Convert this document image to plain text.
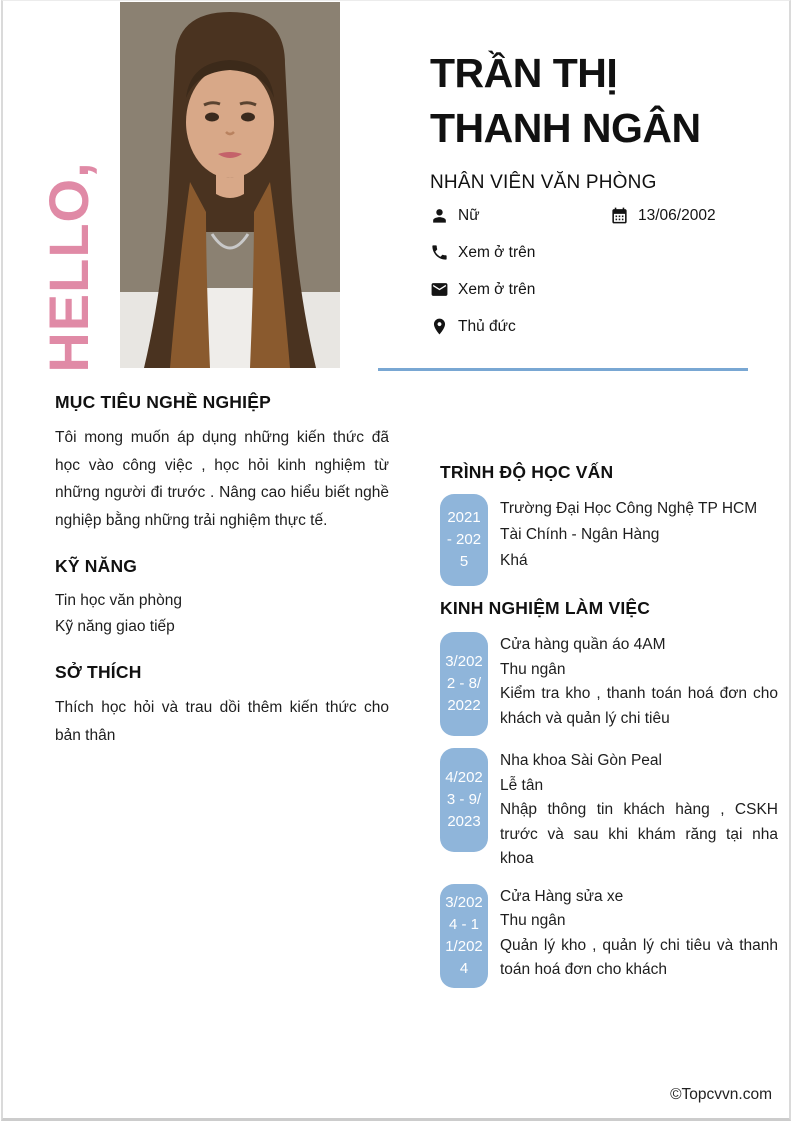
HELLO,
TRẦN THỊ
THANH NGÂN
NHÂN VIÊN VĂN PHÒNG
Nữ	13/06/2002
Xem ở trên
Xem ở trên
Thủ đức
MỤC TIÊU NGHỀ NGHIỆP
Tôi mong muốn áp dụng những kiến thức đã học vào công việc , học hỏi kinh nghiệm từ những người đi trước . Nâng cao hiểu biết nghề nghiệp bằng những trải nghiệm thực tế.
KỸ NĂNG
Tin học văn phòng
Kỹ năng giao tiếp
SỞ THÍCH
Thích học hỏi và trau dồi thêm kiến thức cho bản thân
TRÌNH ĐỘ HỌC VẤN
2021 - 2025
Trường Đại Học Công Nghệ TP HCM
Tài Chính - Ngân Hàng
Khá
KINH NGHIỆM LÀM VIỆC
3/2022 - 8/2022
Cửa hàng quần áo 4AM
Thu ngân
Kiểm tra kho , thanh toán hoá đơn cho khách và quản lý chi tiêu
4/2023 - 9/2023
Nha khoa Sài Gòn Peal
Lễ tân
Nhập thông tin khách hàng , CSKH trước và sau khi khám răng tại nha khoa
3/2024 - 11/2024
Cửa Hàng sửa xe
Thu ngân
Quản lý kho , quản lý chi tiêu và thanh toán hoá đơn cho khách
©Topcvvn.com
